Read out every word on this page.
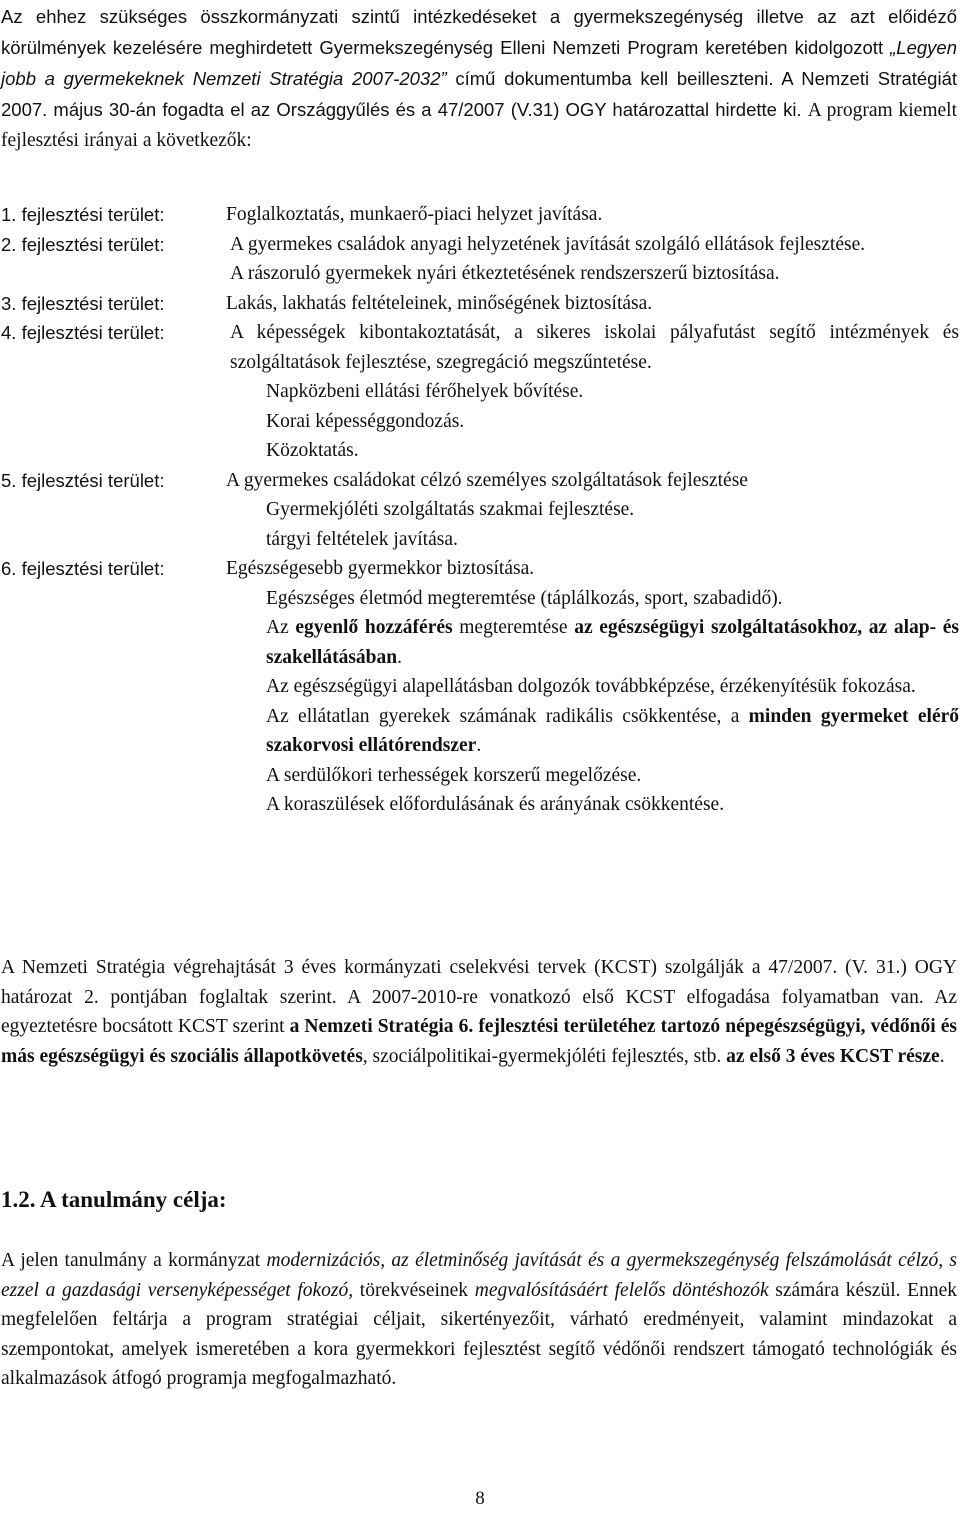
Az ehhez szükséges összkormányzati szintű intézkedéseket a gyermekszegénység illetve az azt előidéző körülmények kezelésére meghirdetett Gyermekszegénység Elleni Nemzeti Program keretében kidolgozott „Legyen jobb a gyermekeknek Nemzeti Stratégia 2007-2032” című dokumentumba kell beilleszteni. A Nemzeti Stratégiát 2007. május 30-án fogadta el az Országgyűlés és a 47/2007 (V.31) OGY határozattal hirdette ki. A program kiemelt fejlesztési irányai a következők:

1. fejlesztési terület:	Foglalkoztatás, munkaerő-piaci helyzet javítása.
2. fejlesztési terület:	A gyermekes családok anyagi helyzetének javítását szolgáló ellátások fejlesztése.
A rászoruló gyermekek nyári étkeztetésének rendszerszerű biztosítása.
3. fejlesztési terület:	Lakás, lakhatás feltételeinek, minőségének biztosítása.
4. fejlesztési terület:	A képességek kibontakoztatását, a sikeres iskolai pályafutást segítő intézmények és szolgáltatások fejlesztése, szegregáció megszűntetése.
Napközbeni ellátási férőhelyek bővítése.
Korai képességgondozás.
Közoktatás.
5. fejlesztési terület:	A gyermekes családokat célzó személyes szolgáltatások fejlesztése
Gyermekjóléti szolgáltatás szakmai fejlesztése.
tárgyi feltételek javítása.
6. fejlesztési terület:	Egészségesebb gyermekkor biztosítása.
Egészséges életmód megteremtése (táplálkozás, sport, szabadidő).
Az egyenlő hozzáférés megteremtése az egészségügyi szolgáltatásokhoz, az alap- és szakellátásában.
Az egészségügyi alapellátásban dolgozók továbbképzése, érzékenyítésük fokozása.
Az ellátatlan gyerekek számának radikális csökkentése, a minden gyermeket elérő szakorvosi ellátórendszer.
A serdülőkori terhességek korszerű megelőzése.
A koraszülések előfordulásának és arányának csökkentése.

A Nemzeti Stratégia végrehajtását 3 éves kormányzati cselekvési tervek (KCST) szolgálják a 47/2007. (V. 31.) OGY határozat 2. pontjában foglaltak szerint. A 2007-2010-re vonatkozó első KCST elfogadása folyamatban van. Az egyeztetésre bocsátott KCST szerint a Nemzeti Stratégia 6. fejlesztési területéhez tartozó népegészségügyi, védőnői és más egészségügyi és szociális állapotkövetés, szociálpolitikai-gyermekjóléti fejlesztés, stb. az első 3 éves KCST része.

1.2. A tanulmány célja:

A jelen tanulmány a kormányzat modernizációs, az életminőség javítását és a gyermekszegénység felszámolását célzó, s ezzel a gazdasági versenyképességet fokozó, törekvéseinek megvalósításáért felelős döntéshozók számára készül. Ennek megfelelően feltárja a program stratégiai céljait, sikertényezőit, várható eredményeit, valamint mindazokat a szempontokat, amelyek ismeretében a kora gyermekkori fejlesztést segítő védőnői rendszert támogató technológiák és alkalmazások átfogó programja megfogalmazható.

8
